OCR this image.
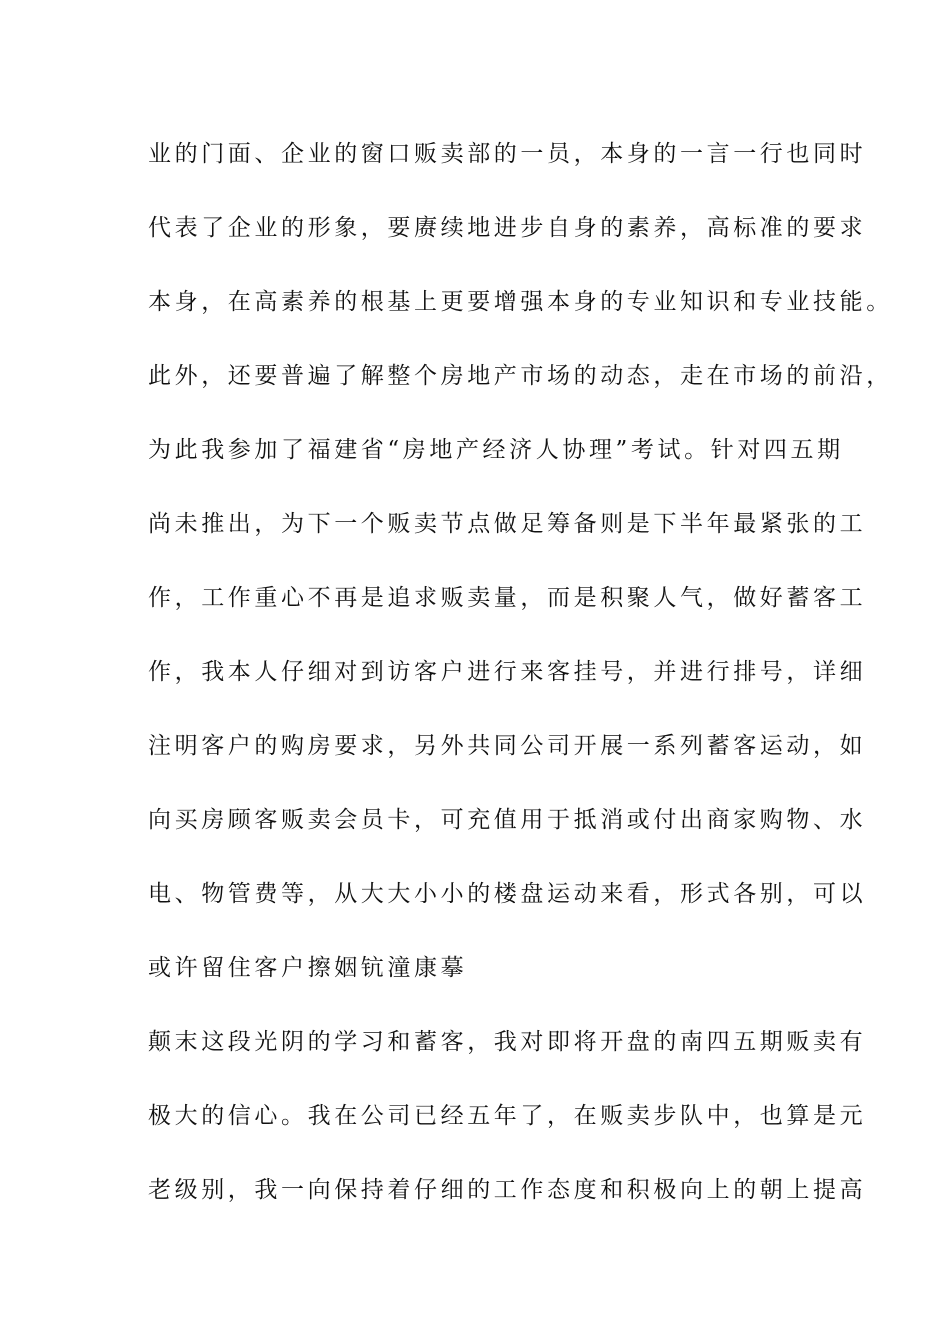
业的门面、企业的窗口贩卖部的一员，本身的一言一行也同时
代表了企业的形象，要赓续地进步自身的素养，高标准的要求
本身，在高素养的根基上更要增强本身的专业知识和专业技能。
此外，还要普遍了解整个房地产市场的动态，走在市场的前沿，
为此我参加了福建省“房地产经济人协理”考试。针对四五期
尚未推出，为下一个贩卖节点做足筹备则是下半年最紧张的工
作，工作重心不再是追求贩卖量，而是积聚人气，做好蓄客工
作，我本人仔细对到访客户进行来客挂号，并进行排号，详细
注明客户的购房要求，另外共同公司开展一系列蓄客运动，如
向买房顾客贩卖会员卡，可充值用于抵消或付出商家购物、水
电、物管费等，从大大小小的楼盘运动来看，形式各别，可以
或许留住客户擦姻钪潼康摹
颠末这段光阴的学习和蓄客，我对即将开盘的南四五期贩卖有
极大的信心。我在公司已经五年了，在贩卖步队中，也算是元
老级别，我一向保持着仔细的工作态度和积极向上的朝上提高
